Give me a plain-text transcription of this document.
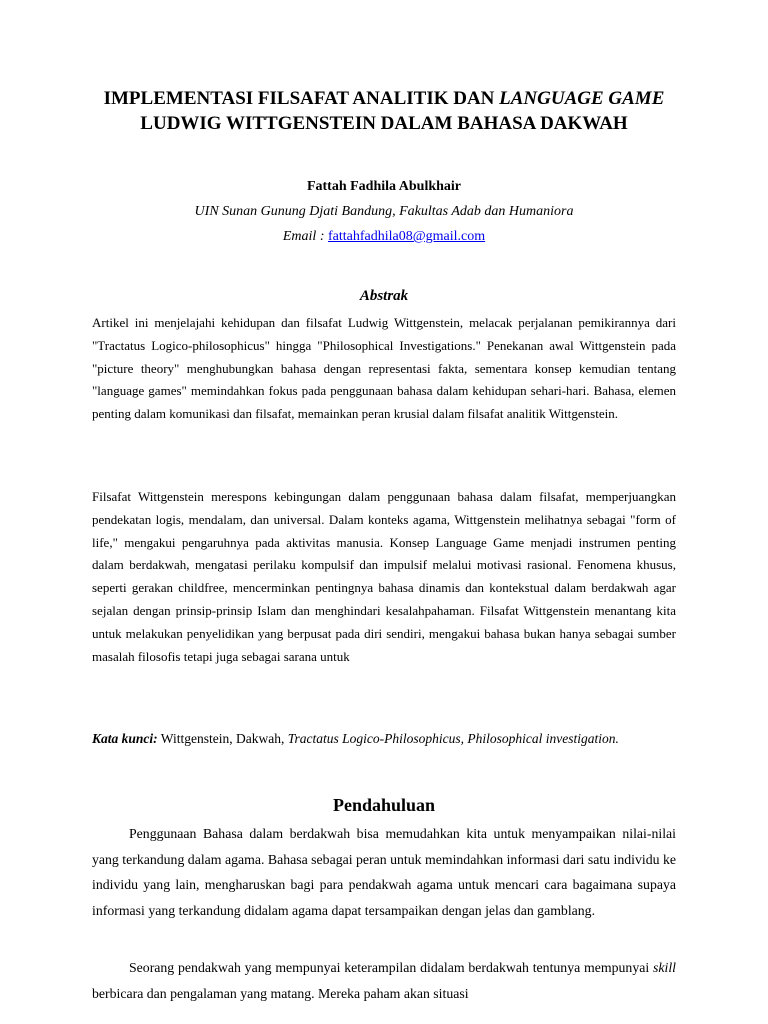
IMPLEMENTASI FILSAFAT ANALITIK DAN LANGUAGE GAME LUDWIG WITTGENSTEIN DALAM BAHASA DAKWAH
Fattah Fadhila Abulkhair
UIN Sunan Gunung Djati Bandung, Fakultas Adab dan Humaniora
Email : fattahfadhila08@gmail.com
Abstrak

Artikel ini menjelajahi kehidupan dan filsafat Ludwig Wittgenstein, melacak perjalanan pemikirannya dari "Tractatus Logico-philosophicus" hingga "Philosophical Investigations." Penekanan awal Wittgenstein pada "picture theory" menghubungkan bahasa dengan representasi fakta, sementara konsep kemudian tentang "language games" memindahkan fokus pada penggunaan bahasa dalam kehidupan sehari-hari. Bahasa, elemen penting dalam komunikasi dan filsafat, memainkan peran krusial dalam filsafat analitik Wittgenstein.

Filsafat Wittgenstein merespons kebingungan dalam penggunaan bahasa dalam filsafat, memperjuangkan pendekatan logis, mendalam, dan universal. Dalam konteks agama, Wittgenstein melihatnya sebagai "form of life," mengakui pengaruhnya pada aktivitas manusia. Konsep Language Game menjadi instrumen penting dalam berdakwah, mengatasi perilaku kompulsif dan impulsif melalui motivasi rasional. Fenomena khusus, seperti gerakan childfree, mencerminkan pentingnya bahasa dinamis dan kontekstual dalam berdakwah agar sejalan dengan prinsip-prinsip Islam dan menghindari kesalahpahaman. Filsafat Wittgenstein menantang kita untuk melakukan penyelidikan yang berpusat pada diri sendiri, mengakui bahasa bukan hanya sebagai sumber masalah filosofis tetapi juga sebagai sarana untuk

Kata kunci: Wittgenstein, Dakwah, Tractatus Logico-Philosophicus, Philosophical investigation.

Pendahuluan

Penggunaan Bahasa dalam berdakwah bisa memudahkan kita untuk menyampaikan nilai-nilai yang terkandung dalam agama. Bahasa sebagai peran untuk memindahkan informasi dari satu individu ke individu yang lain, mengharuskan bagi para pendakwah agama untuk mencari cara bagaimana supaya informasi yang terkandung didalam agama dapat tersampaikan dengan jelas dan gamblang.

Seorang pendakwah yang mempunyai keterampilan didalam berdakwah tentunya mempunyai skill berbicara dan pengalaman yang matang. Mereka paham akan situasi
